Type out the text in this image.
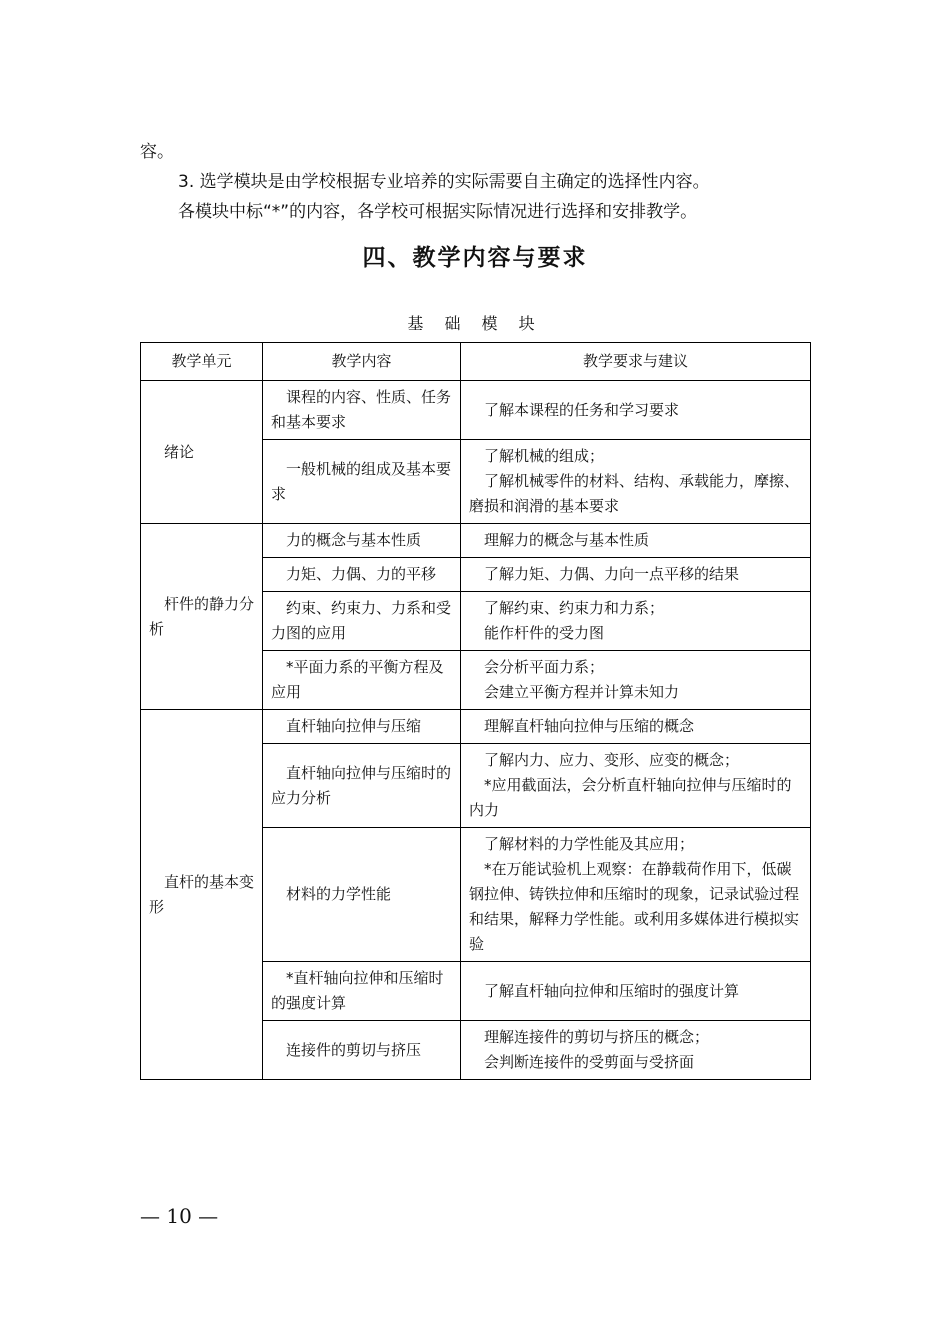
容。
3. 选学模块是由学校根据专业培养的实际需要自主确定的选择性内容。
各模块中标“*”的内容，各学校可根据实际情况进行选择和安排教学。
四、教学内容与要求
基 础 模 块
教学单元	教学内容	教学要求与建议

绪论	课程的内容、性质、任务和基本要求	了解本课程的任务和学习要求

	一般机械的组成及基本要求	了解机械的组成；
了解机械零件的材料、结构、承载能力，摩擦、磨损和润滑的基本要求

杆件的静力分析	力的概念与基本性质	理解力的概念与基本性质

	力矩、力偶、力的平移	了解力矩、力偶、力向一点平移的结果

	约束、约束力、力系和受力图的应用	了解约束、约束力和力系；
能作杆件的受力图

	*平面力系的平衡方程及应用	会分析平面力系；
会建立平衡方程并计算未知力

直杆的基本变形	直杆轴向拉伸与压缩	理解直杆轴向拉伸与压缩的概念

	直杆轴向拉伸与压缩时的应力分析	了解内力、应力、变形、应变的概念；
*应用截面法，会分析直杆轴向拉伸与压缩时的内力

	材料的力学性能	了解材料的力学性能及其应用；
*在万能试验机上观察：在静载荷作用下，低碳钢拉伸、铸铁拉伸和压缩时的现象，记录试验过程和结果，解释力学性能。或利用多媒体进行模拟实验

	*直杆轴向拉伸和压缩时的强度计算	了解直杆轴向拉伸和压缩时的强度计算

	连接件的剪切与挤压	理解连接件的剪切与挤压的概念；
会判断连接件的受剪面与受挤面
— 10 —
